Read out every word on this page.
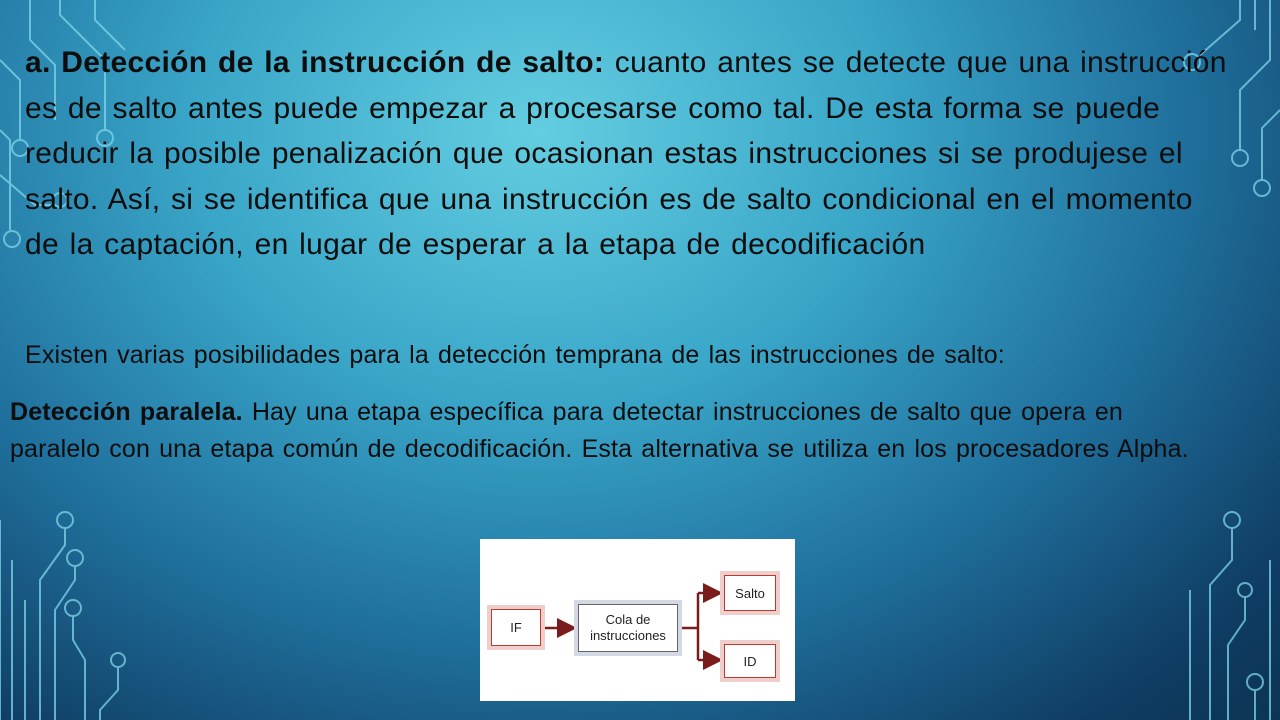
a. Detección de la instrucción de salto: cuanto antes se detecte que una instrucción es de salto antes puede empezar a procesarse como tal. De esta forma se puede reducir la posible penalización que ocasionan estas instrucciones si se produjese el salto. Así, si se identifica que una instrucción es de salto condicional en el momento de la captación, en lugar de esperar a la etapa de decodificación

Existen varias posibilidades para la detección temprana de las instrucciones de salto:

Detección paralela. Hay una etapa específica para detectar instrucciones de salto que opera en paralelo con una etapa común de decodificación. Esta alternativa se utiliza en los procesadores Alpha.

IF
Cola de
instrucciones
Salto
ID
